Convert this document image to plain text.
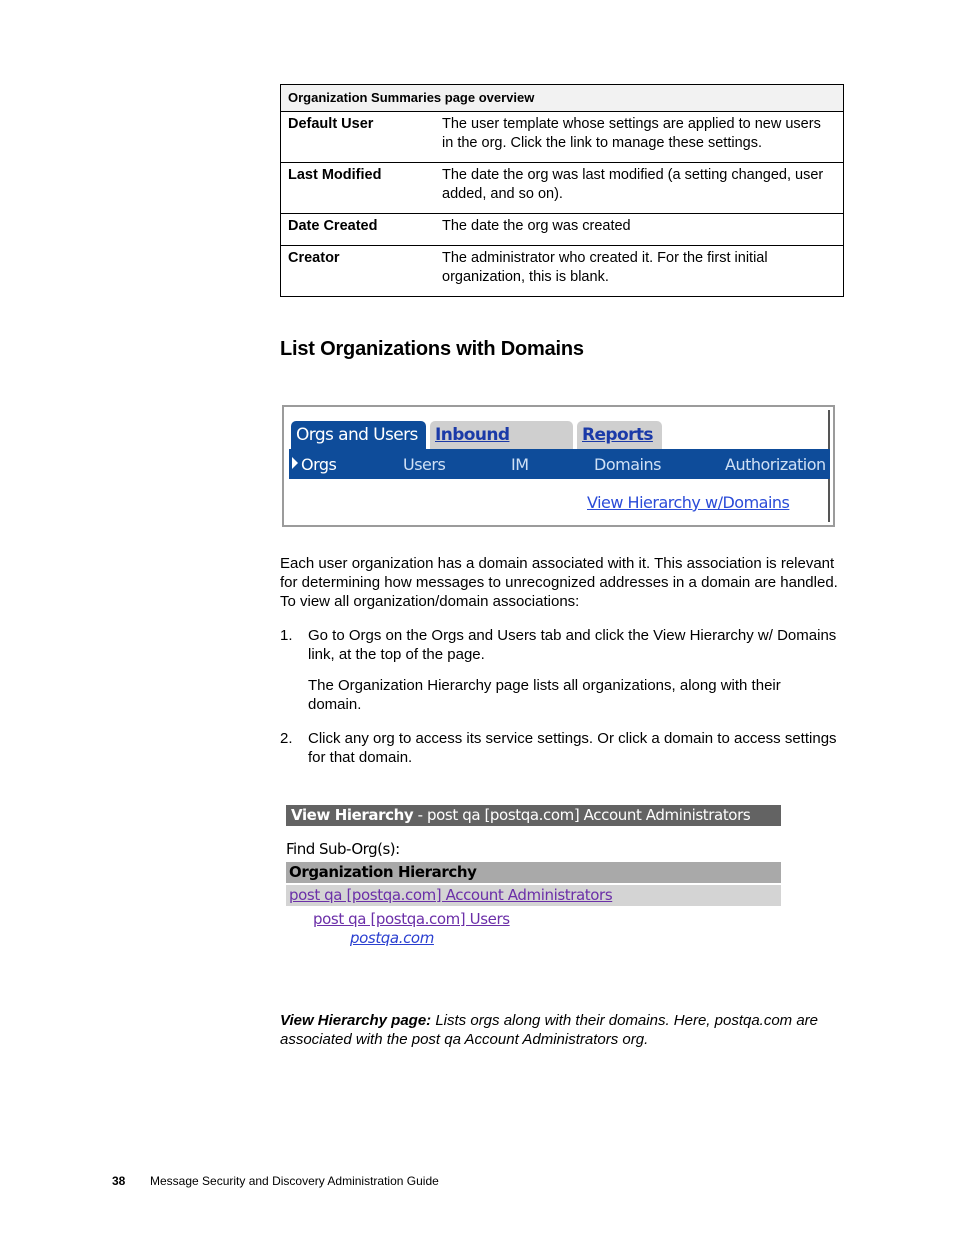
Organization Summaries page overview	
Default User	The user template whose settings are applied to new users in the org. Click the link to manage these settings.
Last Modified	The date the org was last modified (a setting changed, user added, and so on).
Date Created	The date the org was created
Creator	The administrator who created it. For the first initial organization, this is blank.
List Organizations with Domains
Orgs and Users	Inbound	Reports
Orgs	Users	IM	Domains	Authorization
View Hierarchy w/Domains

Each user organization has a domain associated with it. This association is relevant for determining how messages to unrecognized addresses in a domain are handled. To view all organization/domain associations:

1. Go to Orgs on the Orgs and Users tab and click the View Hierarchy w/ Domains link, at the top of the page.

The Organization Hierarchy page lists all organizations, along with their domain.

2. Click any org to access its service settings. Or click a domain to access settings for that domain.

View Hierarchy - post qa [postqa.com] Account Administrators
Find Sub-Org(s):
Organization Hierarchy
post qa [postqa.com] Account Administrators
post qa [postqa.com] Users
postqa.com

View Hierarchy page: Lists orgs along with their domains. Here, postqa.com are associated with the post qa Account Administrators org.

38 Message Security and Discovery Administration Guide
